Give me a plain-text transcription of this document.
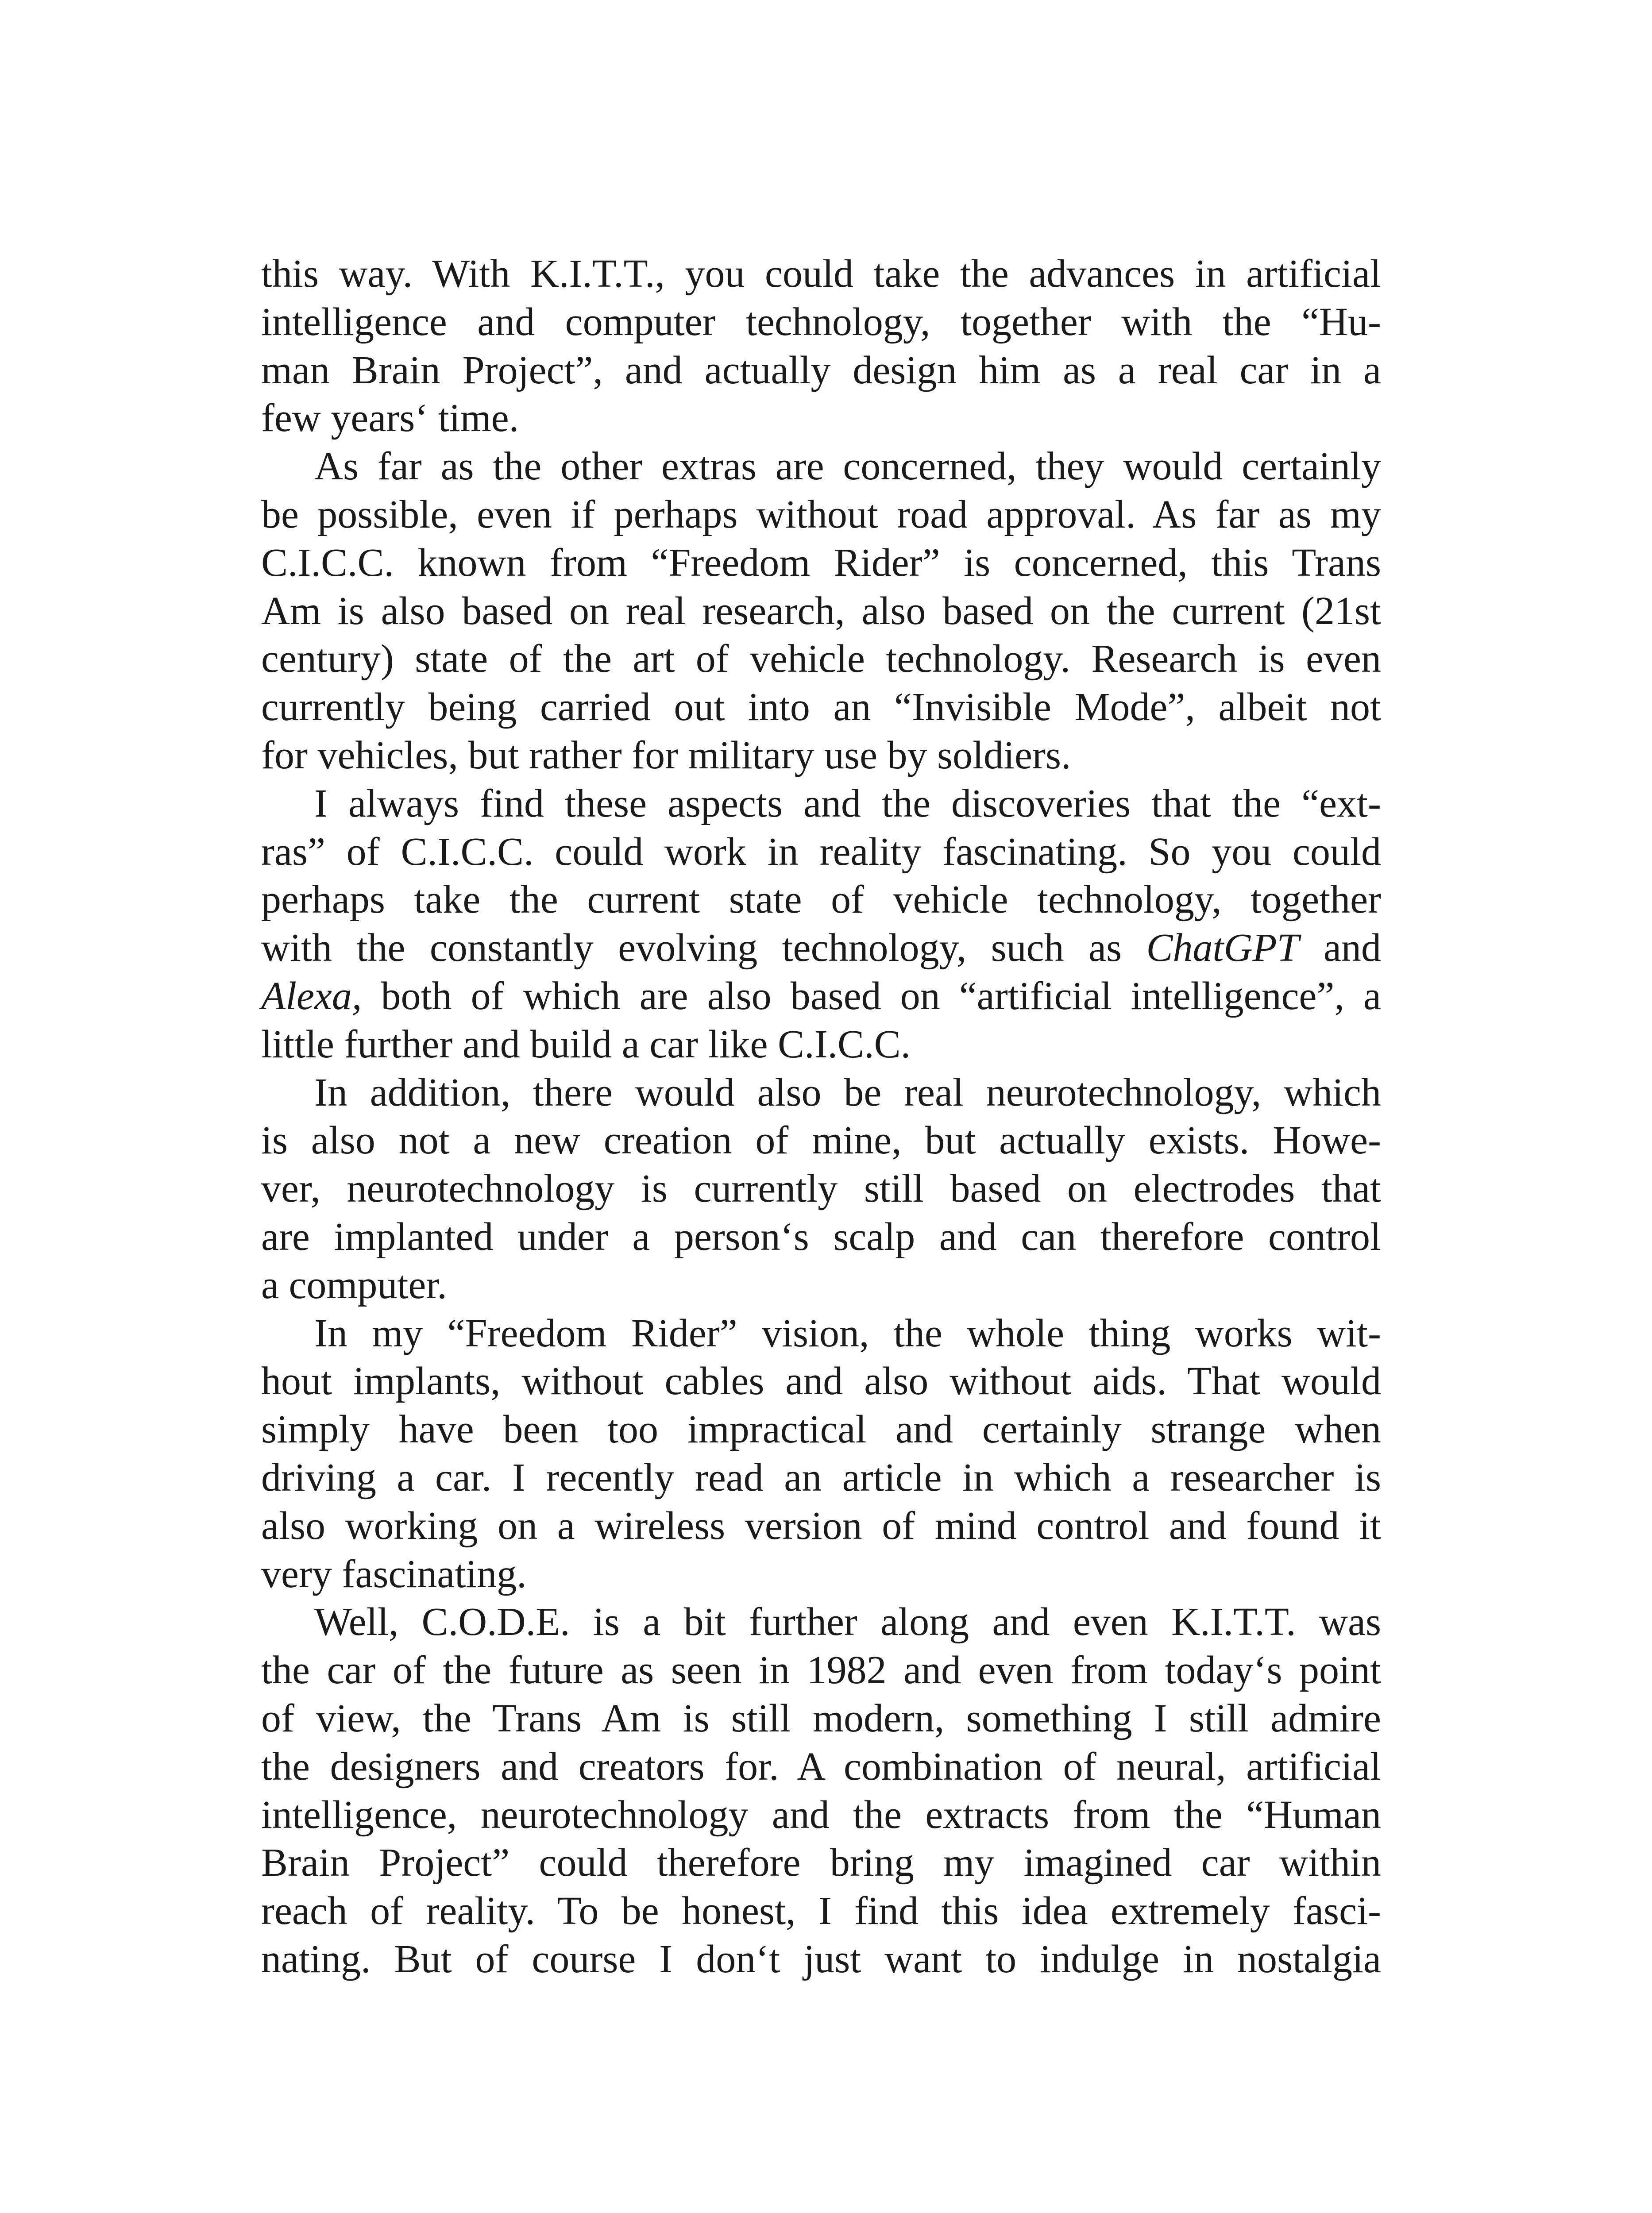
this way. With K.I.T.T., you could take the advances in artificial
intelligence and computer technology, together with the “Hu-
man Brain Project”, and actually design him as a real car in a
few years‘ time.

As far as the other extras are concerned, they would certainly
be possible, even if perhaps without road approval. As far as my
C.I.C.C. known from “Freedom Rider” is concerned, this Trans
Am is also based on real research, also based on the current (21st
century) state of the art of vehicle technology. Research is even
currently being carried out into an “Invisible Mode”, albeit not
for vehicles, but rather for military use by soldiers.

I always find these aspects and the discoveries that the “ext-
ras” of C.I.C.C. could work in reality fascinating. So you could
perhaps take the current state of vehicle technology, together
with the constantly evolving technology, such as ChatGPT and
Alexa, both of which are also based on “artificial intelligence”, a
little further and build a car like C.I.C.C.

In addition, there would also be real neurotechnology, which
is also not a new creation of mine, but actually exists. Howe-
ver, neurotechnology is currently still based on electrodes that
are implanted under a person‘s scalp and can therefore control
a computer.

In my “Freedom Rider” vision, the whole thing works wit-
hout implants, without cables and also without aids. That would
simply have been too impractical and certainly strange when
driving a car. I recently read an article in which a researcher is
also working on a wireless version of mind control and found it
very fascinating.

Well, C.O.D.E. is a bit further along and even K.I.T.T. was
the car of the future as seen in 1982 and even from today‘s point
of view, the Trans Am is still modern, something I still admire
the designers and creators for. A combination of neural, artificial
intelligence, neurotechnology and the extracts from the “Human
Brain Project” could therefore bring my imagined car within
reach of reality. To be honest, I find this idea extremely fasci-
nating. But of course I don‘t just want to indulge in nostalgia
